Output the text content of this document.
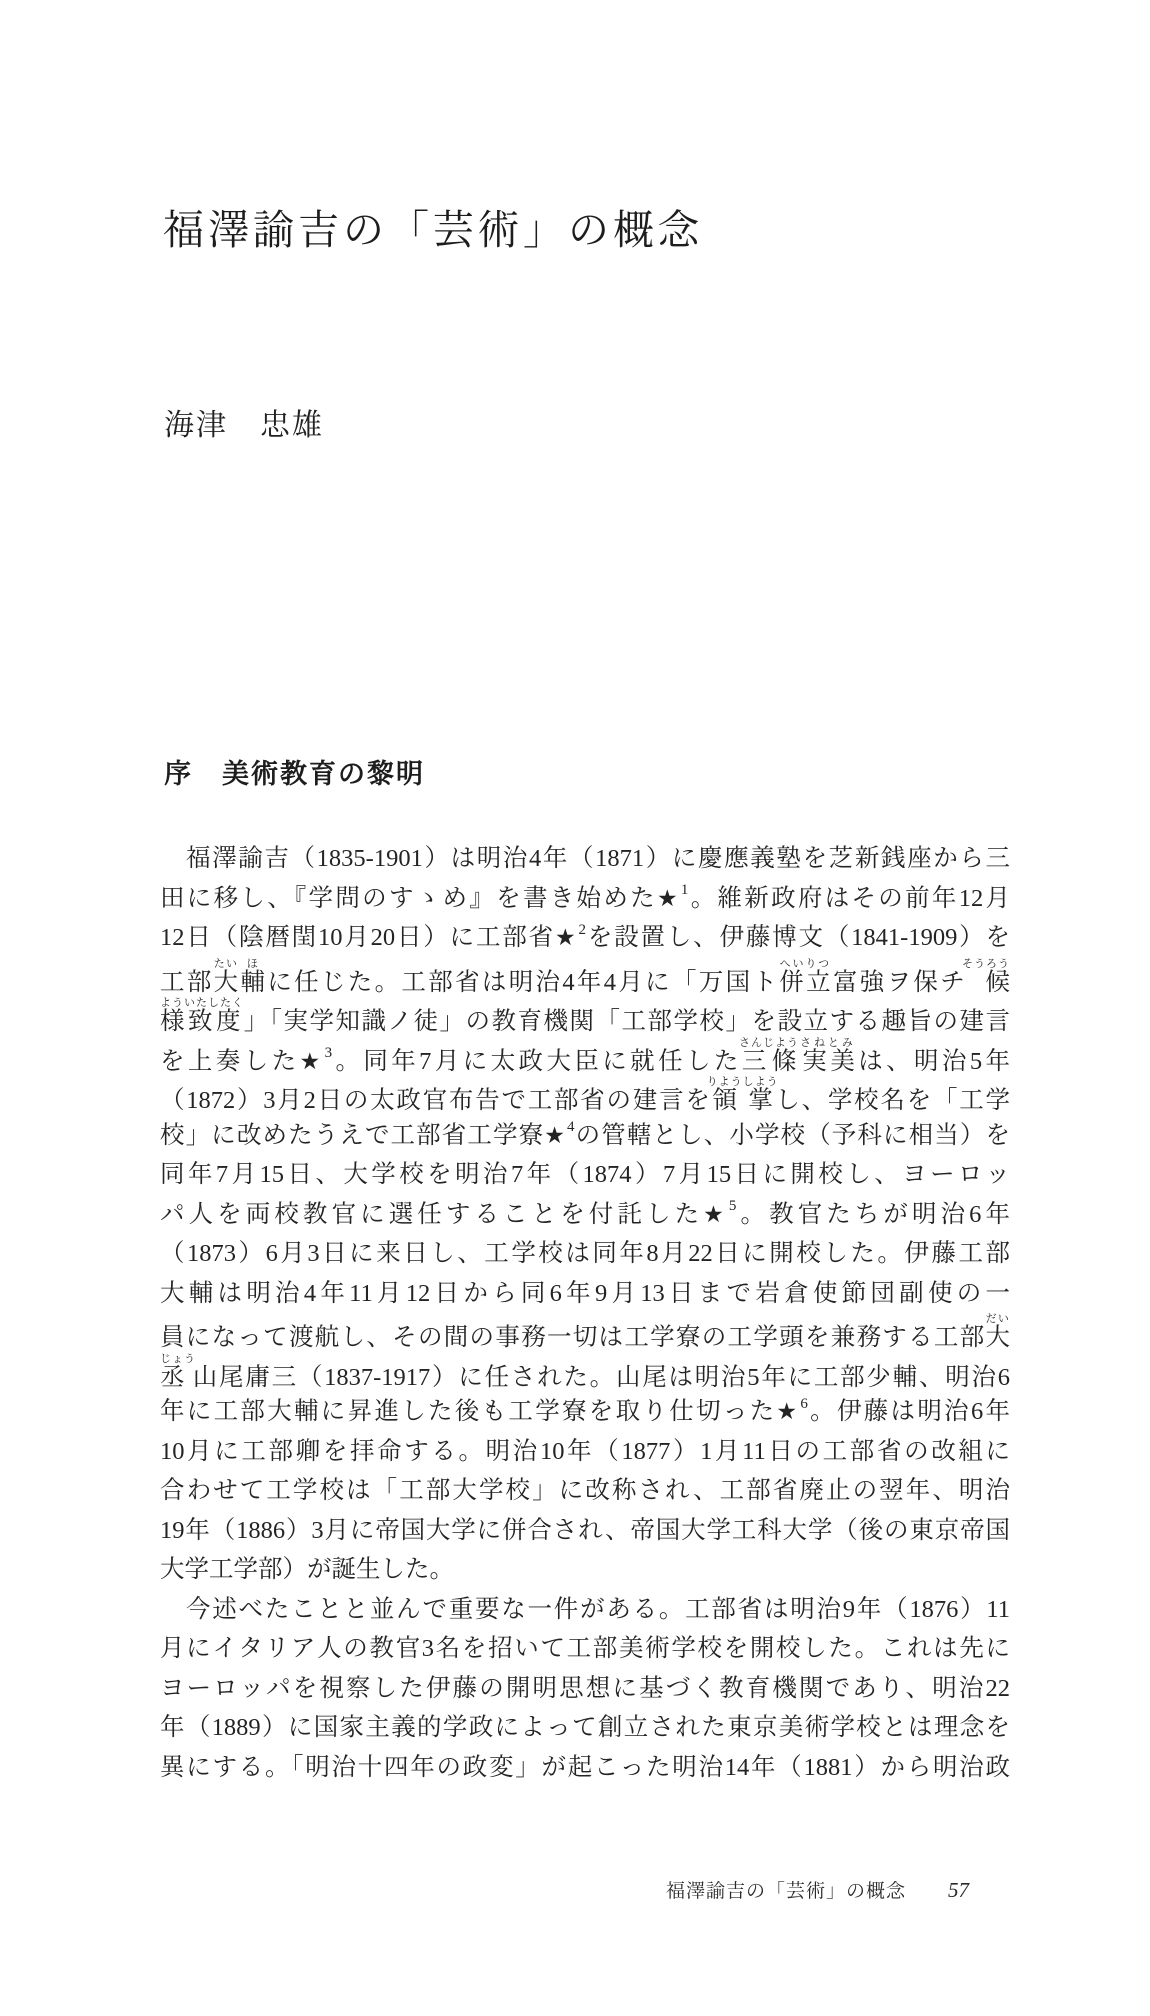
福澤諭吉の「芸術」の概念
海津　忠雄
序　美術教育の黎明
福澤諭吉（1835-1901）は明治4年（1871）に慶應義塾を芝新銭座から三
田に移し、『学問のすゝめ』を書き始めた★$^1$。維新政府はその前年12月
12日（陰暦閏10月20日）に工部省★$^2$を設置し、伊藤博文（1841-1909）を
工部大たい輔ほに任じた。工部省は明治4年4月に「万国ト併立へいりつ富強ヲ保チ候そうろう
様致度よういたしたく」「実学知識ノ徒」の教育機関「工部学校」を設立する趣旨の建言
を上奏した★$^3$。同年7月に太政大臣に就任した三條さんじよう実美さねとみは、明治5年
（1872）3月2日の太政官布告で工部省の建言を領掌りようしようし、学校名を「工学
校」に改めたうえで工部省工学寮★$^4$の管轄とし、小学校（予科に相当）を
同年7月15日、大学校を明治7年（1874）7月15日に開校し、ヨーロッ
パ人を両校教官に選任することを付託した★$^5$。教官たちが明治6年
（1873）6月3日に来日し、工学校は同年8月22日に開校した。伊藤工部
大輔は明治4年11月12日から同6年9月13日まで岩倉使節団副使の一
員になって渡航し、その間の事務一切は工学寮の工学頭を兼務する工部大だい
丞じょう山尾庸三（1837-1917）に任された。山尾は明治5年に工部少輔、明治6
年に工部大輔に昇進した後も工学寮を取り仕切った★$^6$。伊藤は明治6年
10月に工部卿を拝命する。明治10年（1877）1月11日の工部省の改組に
合わせて工学校は「工部大学校」に改称され、工部省廃止の翌年、明治
19年（1886）3月に帝国大学に併合され、帝国大学工科大学（後の東京帝国
大学工学部）が誕生した。
今述べたことと並んで重要な一件がある。工部省は明治9年（1876）11
月にイタリア人の教官3名を招いて工部美術学校を開校した。これは先に
ヨーロッパを視察した伊藤の開明思想に基づく教育機関であり、明治22
年（1889）に国家主義的学政によって創立された東京美術学校とは理念を
異にする。「明治十四年の政変」が起こった明治14年（1881）から明治政
福澤諭吉の「芸術」の概念 57
